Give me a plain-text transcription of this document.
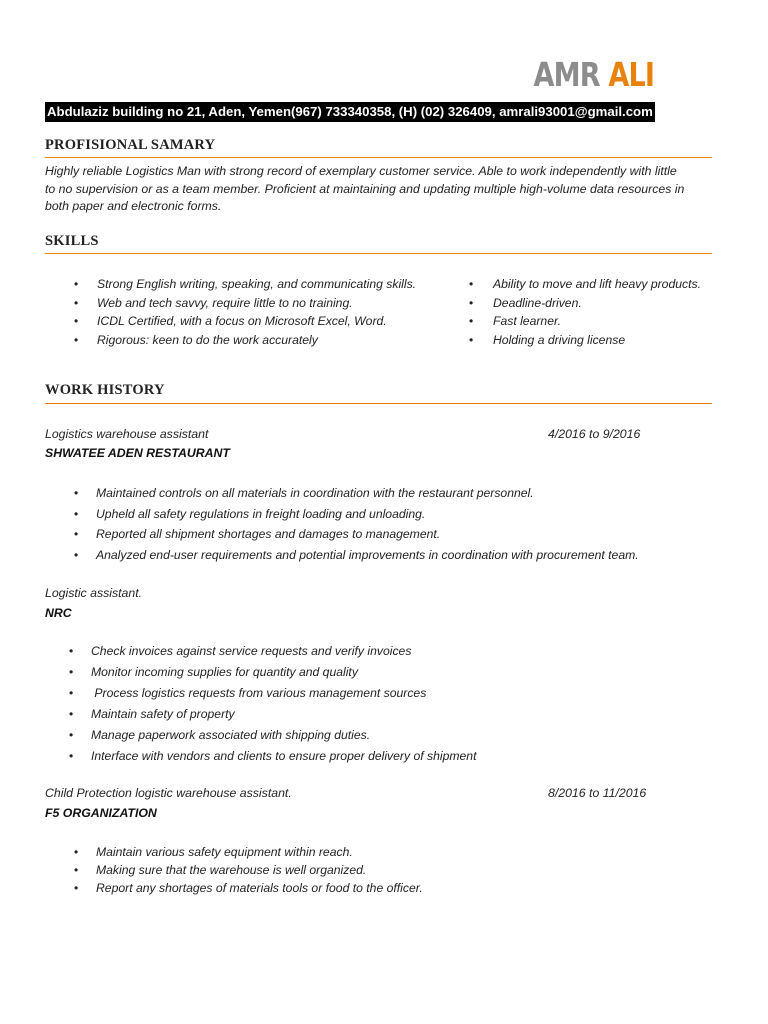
AMR ALI
Abdulaziz building no 21, Aden, Yemen(967) 733340358, (H) (02) 326409, amrali93001@gmail.com
PROFISIONAL SAMARY
Highly reliable Logistics Man with strong record of exemplary customer service. Able to work independently with little
to no supervision or as a team member. Proficient at maintaining and updating multiple high-volume data resources in
both paper and electronic forms.
SKILLS
• Strong English writing, speaking, and communicating skills.
• Web and tech savvy, require little to no training.
• ICDL Certified, with a focus on Microsoft Excel, Word.
• Rigorous: keen to do the work accurately
• Ability to move and lift heavy products.
• Deadline-driven.
• Fast learner.
• Holding a driving license
WORK HISTORY
Logistics warehouse assistant	4/2016 to 9/2016
SHWATEE ADEN RESTAURANT
• Maintained controls on all materials in coordination with the restaurant personnel.
• Upheld all safety regulations in freight loading and unloading.
• Reported all shipment shortages and damages to management.
• Analyzed end-user requirements and potential improvements in coordination with procurement team.
Logistic assistant.
NRC
• Check invoices against service requests and verify invoices
• Monitor incoming supplies for quantity and quality
• Process logistics requests from various management sources
• Maintain safety of property
• Manage paperwork associated with shipping duties.
• Interface with vendors and clients to ensure proper delivery of shipment
Child Protection logistic warehouse assistant.	8/2016 to 11/2016
F5 ORGANIZATION
• Maintain various safety equipment within reach.
• Making sure that the warehouse is well organized.
• Report any shortages of materials tools or food to the officer.
